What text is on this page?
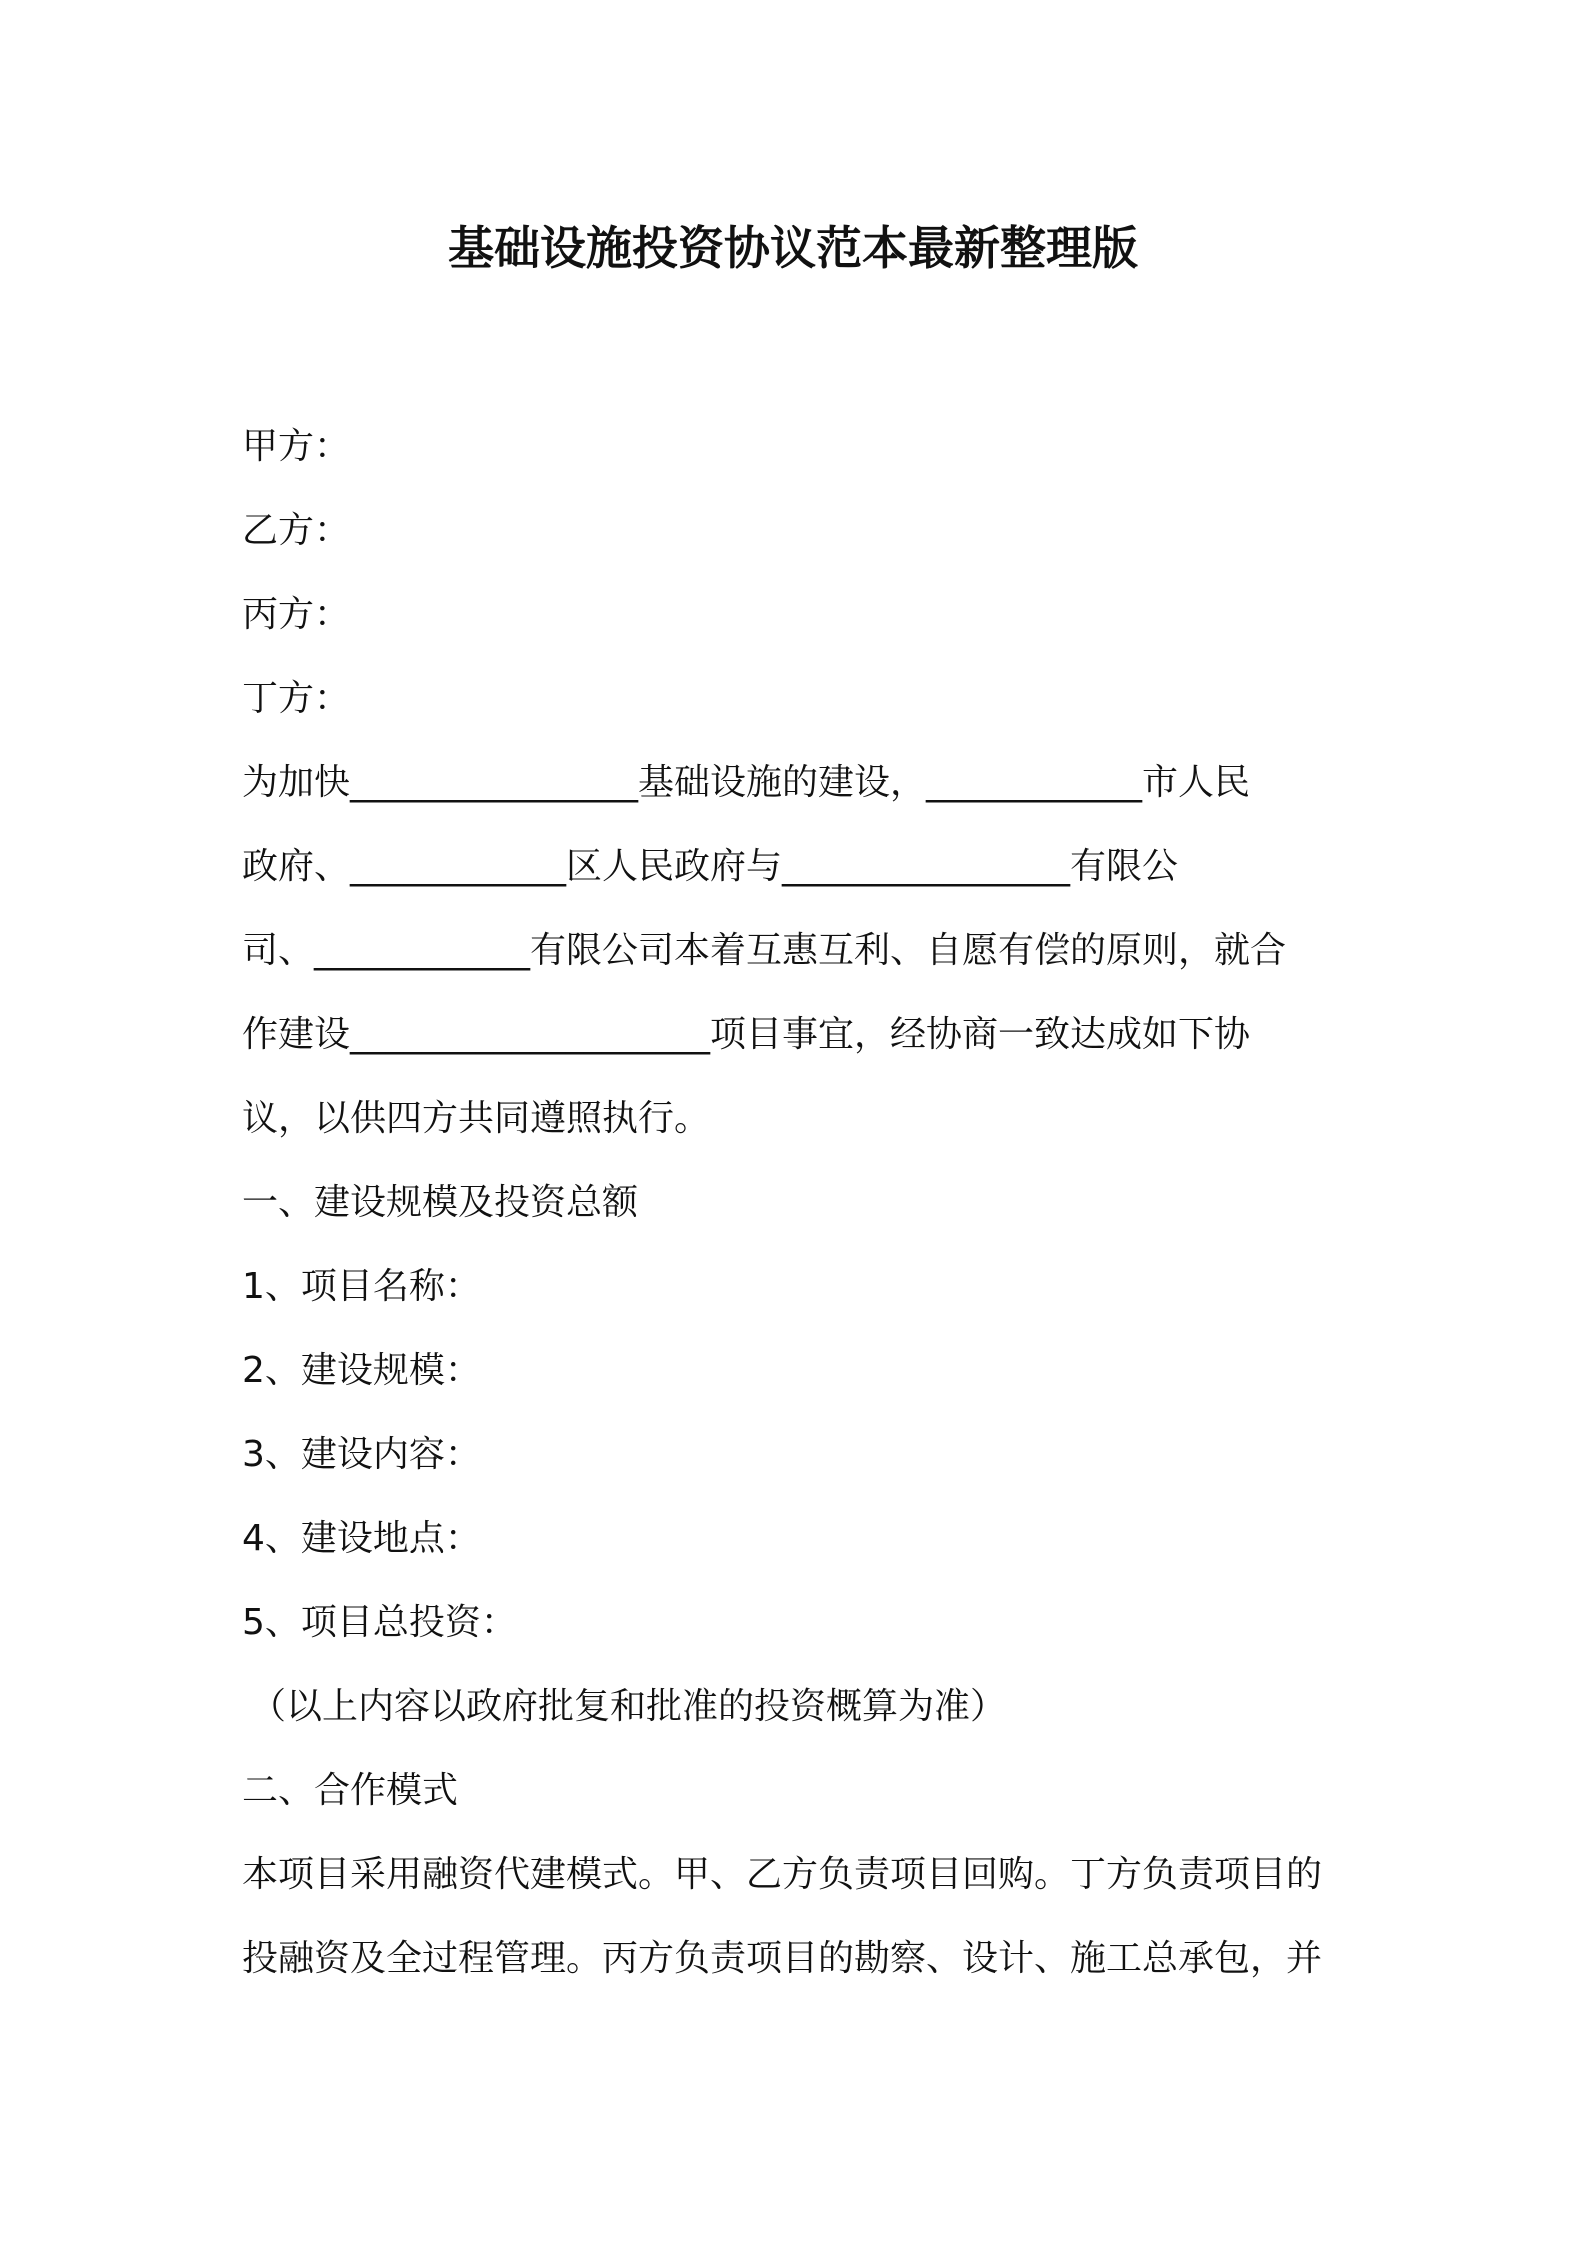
基础设施投资协议范本最新整理版
甲方：
乙方：
丙方：
丁方：
为加快________________基础设施的建设，____________市人民
政府、____________区人民政府与________________有限公
司、____________有限公司本着互惠互利、自愿有偿的原则，就合
作建设____________________项目事宜，经协商一致达成如下协
议，以供四方共同遵照执行。
一、建设规模及投资总额
1、项目名称：
2、建设规模：
3、建设内容：
4、建设地点：
5、项目总投资：
（以上内容以政府批复和批准的投资概算为准）
二、合作模式
本项目采用融资代建模式。甲、乙方负责项目回购。丁方负责项目的
投融资及全过程管理。丙方负责项目的勘察、设计、施工总承包，并
